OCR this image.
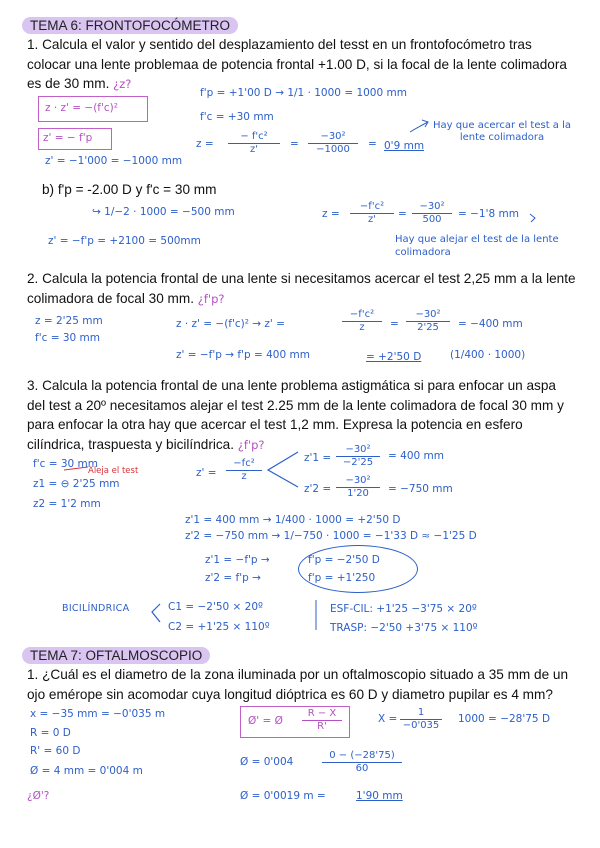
TEMA 6: FRONTOFOCÓMETRO
1. Calcula el valor y sentido del desplazamiento del tesst en un frontofocómetro tras colocar una lente problemaa de potencia frontal +1.00 D, si la focal de la lente colimadora es de 30 mm. ¿z?
f'p = +1'00 D → 1/1 · 1000 = 1000 mm
f'c = +30 mm
z · z' = −(f'c)²
z' = − f'p	$z = \frac{\text{− f'c²}}{z'} = \frac{\text{−30²}}{-1000} = 0'9$ mm
Hay que acercar el test a la lente colimadora
z' = −1'000 = −1000 mm
b) f'p = -2.00 D y f'c = 30 mm
↪ 1/−2 · 1000 = −500 mm	$z = \frac{\text{−f'c²}}{z'} = \frac{\text{−30²}}{500} = -1'8$ mm
z' = −f'p = +2100 = 500mm	Hay que alejar el test de la lente colimadora
2. Calcula la potencia frontal de una lente si necesitamos acercar el test 2,25 mm a la lente colimadora de focal 30 mm. ¿f'p?
z = 2'25 mm
f'c = 30 mm
z · z' = −(f'c)² → z' =	$\frac{\text{−f'c²}}{z} = \frac{\text{−30²}}{2'25} = -400$ mm
z' = −f'p → f'p = 400 mm	= +2'50 D	(1/400 · 1000)
3. Calcula la potencia frontal de una lente problema astigmática si para enfocar un aspa del test a 20º necesitamos alejar el test 2.25 mm de la lente colimadora de focal 30 mm y para enfocar la otra hay que acercar el test 1,2 mm. Expresa la potencia en esfero cilíndrica, traspuesta y bicilíndrica. ¿f'p?
f'c = 30 mm
Aleja el test
z1 = ⊖ 2'25 mm
z2 = 1'2 mm
$z' = \frac{\text{−fc²}}{z}$	$z'1 = \frac{\text{−30²}}{-2'25} = 400$ mm
$z'2 = \frac{\text{−30²}}{1'20} = -750$ mm
z'1 = 400 mm → 1/400 · 1000 = +2'50 D
z'2 = −750 mm → 1/−750 · 1000 = −1'33 D ≈ −1'25 D
z'1 = −f'p →	f'p = −2'50 D
z'2 = f'p →	f'p = +1'250
BICILÍNDRICA	C1 = −2'50 × 20º
C2 = +1'25 × 110º
ESF-CIL: +1'25 −3'75 × 20º
TRASP: −2'50 +3'75 × 110º
TEMA 7: OFTALMOSCOPIO
1. ¿Cuál es el diametro de la zona iluminada por un oftalmoscopio situado a 35 mm de un ojo emérope sin acomodar cuya longitud dióptrica es 60 D y diametro pupilar es 4 mm?
x = −35 mm = −0'035 m
R = 0 D
R' = 60 D
Ø = 4 mm = 0'004 m
¿Ø'?
Ø' = Ø $\frac{R - X}{R'}$	$X = \frac{1}{-0'035} 1000 = -28'75$ D
Ø = 0'004	$\frac{0 - (-28'75)}{60}$
Ø = 0'0019 m =	1'90 mm
